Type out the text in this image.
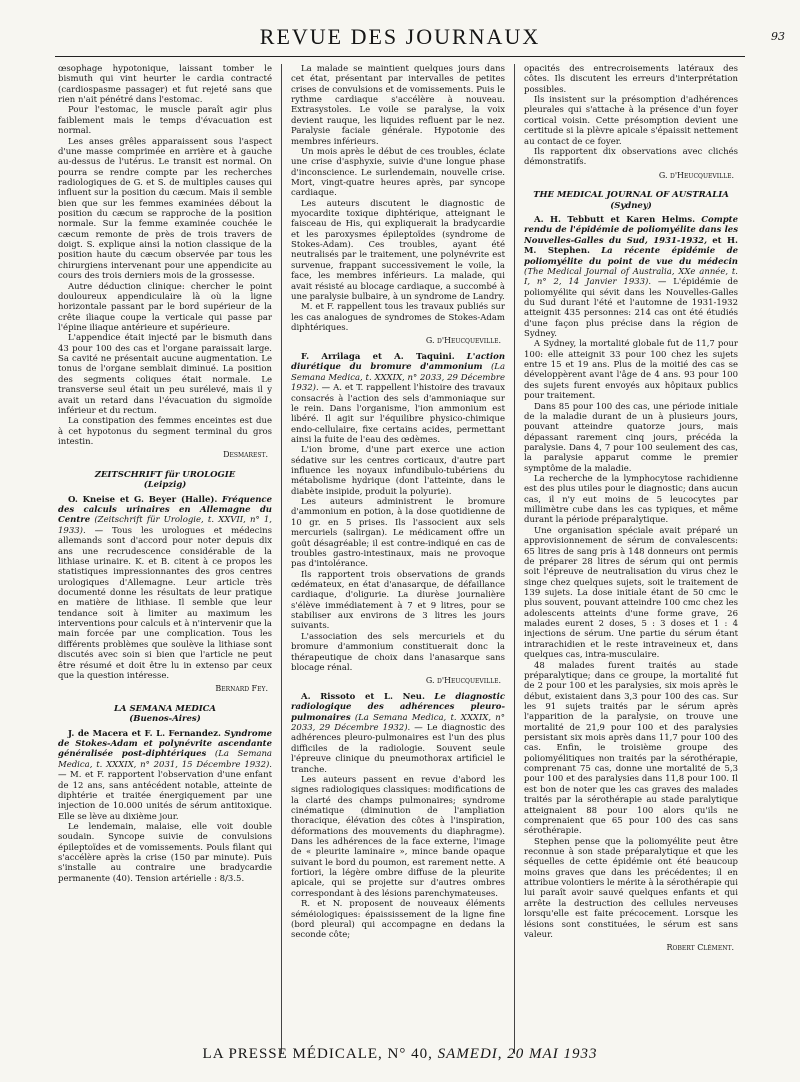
REVUE DES JOURNAUX	93

œsophage hypotonique, laissant tomber le bismuth qui vint heurter le cardia contracté (cardiospasme passager) et fut rejeté sans que rien n'ait pénétré dans l'estomac.

Pour l'estomac, le muscle paraît agir plus faiblement mais le temps d'évacuation est normal.

Les anses grêles apparaissent sous l'aspect d'une masse comprimée en arrière et à gauche au-dessus de l'utérus. Le transit est normal. On pourra se rendre compte par les recherches radiologiques de G. et S. de multiples causes qui influent sur la position du cæcum. Mais il semble bien que sur les femmes examinées débout la position du cæcum se rapproche de la position normale. Sur la femme examinée couchée le cæcum remonte de près de trois travers de doigt. S. explique ainsi la notion classique de la position haute du cæcum observée par tous les chirurgiens intervenant pour une appendicite au cours des trois derniers mois de la grossesse.

Autre déduction clinique: chercher le point douloureux appendiculaire là où la ligne horizontale passant par le bord supérieur de la crête iliaque coupe la verticale qui passe par l'épine iliaque antérieure et supérieure.

L'appendice était injecté par le bismuth dans 43 pour 100 des cas et l'organe paraissait large. Sa cavité ne présentait aucune augmentation. Le tonus de l'organe semblait diminué. La position des segments coliques était normale. Le transverse seul était un peu surélevé, mais il y avait un retard dans l'évacuation du sigmoïde inférieur et du rectum.

La constipation des femmes enceintes est due à cet hypotonus du segment terminal du gros intestin.

Desmarest.

ZEITSCHRIFT für UROLOGIE

(Leipzig)

O. Kneise et G. Beyer (Halle). Fréquence des calculs urinaires en Allemagne du Centre (Zeitschrift für Urologie, t. XXVII, n° 1, 1933). — Tous les urologues et médecins allemands sont d'accord pour noter depuis dix ans une recrudescence considérable de la lithiase urinaire. K. et B. citent à ce propos les statistiques impressionnantes des gros centres urologiques d'Allemagne. Leur article très documenté donne les résultats de leur pratique en matière de lithiase. Il semble que leur tendance soit à limiter au maximum les interventions pour calculs et à n'intervenir que la main forcée par une complication. Tous les différents problèmes que soulève la lithiase sont discutés avec soin si bien que l'article ne peut être résumé et doit être lu in extenso par ceux que la question intéresse.

Bernard Fey.

LA SEMANA MEDICA

(Buenos-Aires)

J. de Macera et F. L. Fernandez. Syndrome de Stokes-Adam et polynévrite ascendante généralisée post-diphtériques (La Semana Medica, t. XXXIX, n° 2031, 15 Décembre 1932). — M. et F. rapportent l'observation d'une enfant de 12 ans, sans antécédent notable, atteinte de diphtérie et traitée énergiquement par une injection de 10.000 unités de sérum antitoxique. Elle se lève au dixième jour.

Le lendemain, malaise, elle voit double soudain. Syncope suivie de convulsions épileptoïdes et de vomissements. Pouls filant qui s'accélère après la crise (150 par minute). Puis s'installe au contraire une bradycardie permanente (40). Tension artérielle : 8/3.5.

La malade se maintient quelques jours dans cet état, présentant par intervalles de petites crises de convulsions et de vomissements. Puis le rythme cardiaque s'accélère à nouveau. Extrasystoles. Le voile se paralyse, la voix devient rauque, les liquides refluent par le nez. Paralysie faciale générale. Hypotonie des membres inférieurs.

Un mois après le début de ces troubles, éclate une crise d'asphyxie, suivie d'une longue phase d'inconscience. Le surlendemain, nouvelle crise. Mort, vingt-quatre heures après, par syncope cardiaque.

Les auteurs discutent le diagnostic de myocardite toxique diphtérique, atteignant le faisceau de His, qui expliquerait la bradycardie et les paroxysmes épileptoïdes (syndrome de Stokes-Adam). Ces troubles, ayant été neutralisés par le traitement, une polynévrite est survenue, frappant successivement le voile, la face, les membres inférieurs. La malade, qui avait résisté au blocage cardiaque, a succombé à une paralysie bulbaire, à un syndrome de Landry.

M. et F. rappellent tous les travaux publiés sur les cas analogues de syndromes de Stokes-Adam diphtériques.

G. d'Heucqueville.

F. Arrilaga et A. Taquini. L'action diurétique du bromure d'ammonium (La Semana Medica, t. XXXIX, n° 2033, 29 Décembre 1932). — A. et T. rappellent l'histoire des travaux consacrés à l'action des sels d'ammoniaque sur le rein. Dans l'organisme, l'ion ammonium est libéré. Il agit sur l'équilibre physico-chimique endo-cellulaire, fixe certains acides, permettant ainsi la fuite de l'eau des œdèmes.

L'ion brome, d'une part exerce une action sédative sur les centres corticaux, d'autre part influence les noyaux infundibulo-tubériens du métabolisme hydrique (dont l'atteinte, dans le diabète insipide, produit la polyurie).

Les auteurs administrent le bromure d'ammonium en potion, à la dose quotidienne de 10 gr. en 5 prises. Ils l'associent aux sels mercuriels (salirgan). Le médicament offre un goût désagréable; il est contre-indiqué en cas de troubles gastro-intestinaux, mais ne provoque pas d'intolérance.

Ils rapportent trois observations de grands œdémateux, en état d'anasarque, de défaillance cardiaque, d'oligurie. La diurèse journalière s'élève immédiatement à 7 et 9 litres, pour se stabiliser aux environs de 3 litres les jours suivants.

L'association des sels mercuriels et du bromure d'ammonium constituerait donc la thérapeutique de choix dans l'anasarque sans blocage rénal.

G. d'Heucqueville.

A. Rissoto et L. Neu. Le diagnostic radiologique des adhérences pleuro-pulmonaires (La Semana Medica, t. XXXIX, n° 2033, 29 Décembre 1932). — Le diagnostic des adhérences pleuro-pulmonaires est l'un des plus difficiles de la radiologie. Souvent seule l'épreuve clinique du pneumothorax artificiel le tranche.

Les auteurs passent en revue d'abord les signes radiologiques classiques: modifications de la clarté des champs pulmonaires; syndrome cinématique (diminution de l'ampliation thoracique, élévation des côtes à l'inspiration, déformations des mouvements du diaphragme). Dans les adhérences de la face externe, l'image de « pleurite laminaire », mince bande opaque suivant le bord du poumon, est rarement nette. A fortiori, la légère ombre diffuse de la pleurite apicale, qui se projette sur d'autres ombres correspondant à des lésions parenchymateuses.

R. et N. proposent de nouveaux éléments séméiologiques: épaississement de la ligne fine (bord pleural) qui accompagne en dedans la seconde côte;

opacités des entrecroisements latéraux des côtes. Ils discutent les erreurs d'interprétation possibles.

Ils insistent sur la présomption d'adhérences pleurales qui s'attache à la présence d'un foyer cortical voisin. Cette présomption devient une certitude si la plèvre apicale s'épaissit nettement au contact de ce foyer.

Ils rapportent dix observations avec clichés démonstratifs.

G. d'Heucqueville.

THE MEDICAL JOURNAL OF AUSTRALIA

(Sydney)

A. H. Tebbutt et Karen Helms. Compte rendu de l'épidémie de poliomyélite dans les Nouvelles-Galles du Sud, 1931-1932, et H. M. Stephen. La récente épidémie de poliomyélite du point de vue du médecin (The Medical Journal of Australia, XXe année, t. I, n° 2, 14 Janvier 1933). — L'épidémie de poliomyélite qui sévit dans les Nouvelles-Galles du Sud durant l'été et l'automne de 1931-1932 atteignit 435 personnes: 214 cas ont été étudiés d'une façon plus précise dans la région de Sydney.

A Sydney, la mortalité globale fut de 11,7 pour 100: elle atteignit 33 pour 100 chez les sujets entre 15 et 19 ans. Plus de la moitié des cas se développèrent avant l'âge de 4 ans. 93 pour 100 des sujets furent envoyés aux hôpitaux publics pour traitement.

Dans 85 pour 100 des cas, une période initiale de la maladie durant de un à plusieurs jours, pouvant atteindre quatorze jours, mais dépassant rarement cinq jours, précéda la paralysie. Dans 4, 7 pour 100 seulement des cas, la paralysie apparut comme le premier symptôme de la maladie.

La recherche de la lymphocytose rachidienne est des plus utiles pour le diagnostic; dans aucun cas, il n'y eut moins de 5 leucocytes par millimètre cube dans les cas typiques, et même durant la période préparalytique.

Une organisation spéciale avait préparé un approvisionnement de sérum de convalescents: 65 litres de sang pris à 148 donneurs ont permis de préparer 28 litres de sérum qui ont permis soit l'épreuve de neutralisation du virus chez le singe chez quelques sujets, soit le traitement de 139 sujets. La dose initiale étant de 50 cmc le plus souvent, pouvant atteindre 100 cmc chez les adolescents atteints d'une forme grave, 26 malades eurent 2 doses, 5 : 3 doses et 1 : 4 injections de sérum. Une partie du sérum étant intrarachidien et le reste intraveineux et, dans quelques cas, intra-musculaire.

48 malades furent traités au stade préparalytique; dans ce groupe, la mortalité fut de 2 pour 100 et les paralysies, six mois après le début, existaient dans 3,3 pour 100 des cas. Sur les 91 sujets traités par le sérum après l'apparition de la paralysie, on trouve une mortalité de 21,9 pour 100 et des paralysies persistant six mois après dans 11,7 pour 100 des cas. Enfin, le troisième groupe des poliomyélitiques non traités par la sérothérapie, comprenant 75 cas, donne une mortalité de 5,3 pour 100 et des paralysies dans 11,8 pour 100. Il est bon de noter que les cas graves des malades traités par la sérothérapie au stade paralytique atteignaient 88 pour 100 alors qu'ils ne comprenaient que 65 pour 100 des cas sans sérothérapie.

Stephen pense que la poliomyélite peut être reconnue à son stade préparalytique et que les séquelles de cette épidémie ont été beaucoup moins graves que dans les précédentes; il en attribue volontiers le mérite à la sérothérapie qui lui paraît avoir sauvé quelques enfants et qui arrête la destruction des cellules nerveuses lorsqu'elle est faite précocement. Lorsque les lésions sont constituées, le sérum est sans valeur.

Robert Clément.

LA PRESSE MÉDICALE, N° 40, SAMEDI, 20 MAI 1933
